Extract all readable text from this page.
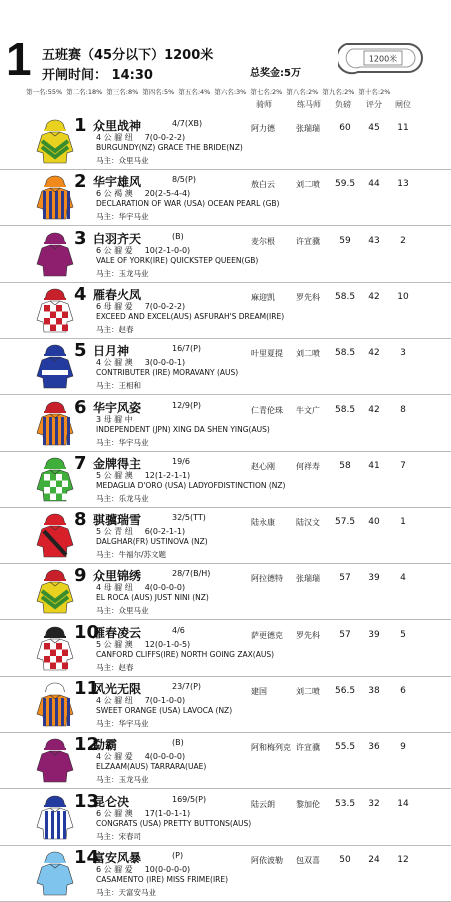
1 五班赛（45分以下）1200米
开闸时间： 14:30	总奖金:5万
1200米
第一名:55% 第二名:18% 第三名:8% 第四名:5% 第五名:4% 第六名:3% 第七名:2% 第八名:2% 第九名:2% 第十名:2%
骑师	练马师 负磅 评分 闸位
1 众里战神	4/7(XB)
4 公 骝 纽 7(0-0-2-2)
BURGUNDY(NZ) GRACE THE BRIDE(NZ)
马主：众里马业
阿力德	张瑞瑞	60	45	11
2 华宇雄风	8/5(P)
6 公 褐 澳 20(2-5-4-4)
DECLARATION OF WAR (USA) OCEAN PEARL (GB)
马主：华宇马业
敖白云	刘二喷 59.5	44	13
3 白羽齐天	(B)
6 公 骝 爱 10(2-1-0-0)
VALE OF YORK(IRE) QUICKSTEP QUEEN(GB)
马主：玉龙马业
麦尔根	许宣骥	59	43	2
4 雁春火凤
6 母 骝 爱 7(0-0-2-2)
EXCEED AND EXCEL(AUS) ASFURAH'S DREAM(IRE)
马主：赵春
麻迎凯	罗先科 58.5	42	10
5 日月神	16/7(P)
4 公 骝 澳 3(0-0-0-1)
CONTRIBUTER (IRE) MORAVANY (AUS)
马主：王相和
叶里夏提 刘二喷 58.5	42	3
6 华宇风姿	12/9(P)
3 母 骝 中
INDEPENDENT (JPN) XING DA SHEN YING(AUS)
马主：华宇马业
仁青伦珠 牛文广 58.5	42	8
7 金牌得主	19/6
5 公 骝 澳 12(1-2-1-1)
MEDAGLIA D'ORO (USA) LADYOFDISTINCTION (NZ)
马主：乐龙马业
赵心刚	何祥寿	58	41	7
8 骐骥瑞雪	32/5(TT)
5 公 青 纽 6(0-2-1-1)
DALGHAR(FR) USTINOVA (NZ)
马主：牛福尔/苏文题
陆永康	陆汉文 57.5	40	1
9 众里锦绣	28/7(B/H)
4 母 骝 纽 4(0-0-0-0)
EL ROCA (AUS) JUST NINI (NZ)
马主：众里马业
阿拉德特 张瑞瑞	57	39	4
10
雁春凌云	4/6
5 公 骝 澳 12(0-1-0-5)
CANFORD CLIFFS(IRE) NORTH GOING ZAX(AUS)
马主：赵春
萨更德克 罗先科	57	39	5
11
风光无限	23/7(P)
4 公 骝 纽 7(0-1-0-0)
SWEET ORANGE (USA) LAVOCA (NZ)
马主：华宇马业
建国	刘二喷 56.5	38	6
12
勐霸	(B)
4 公 骝 爱 4(0-0-0-0)
ELZAAM(AUS) TARRARA(UAE)
马主：玉龙马业
阿和梅列克 许宣骥 55.5	36	9
13
昆仑决	169/5(P)
6 公 骝 澳 17(1-0-1-1)
CONGRATS (USA) PRETTY BUTTONS(AUS)
马主：宋春司
陆云朗	黎加伦 53.5	32	14
14
富安风暴	(P)
6 公 骝 爱 10(0-0-0-0)
CASAMENTO (IRE) MISS FRIME(IRE)
马主：天富安马业
阿依波勒 包双喜	50	24	12
